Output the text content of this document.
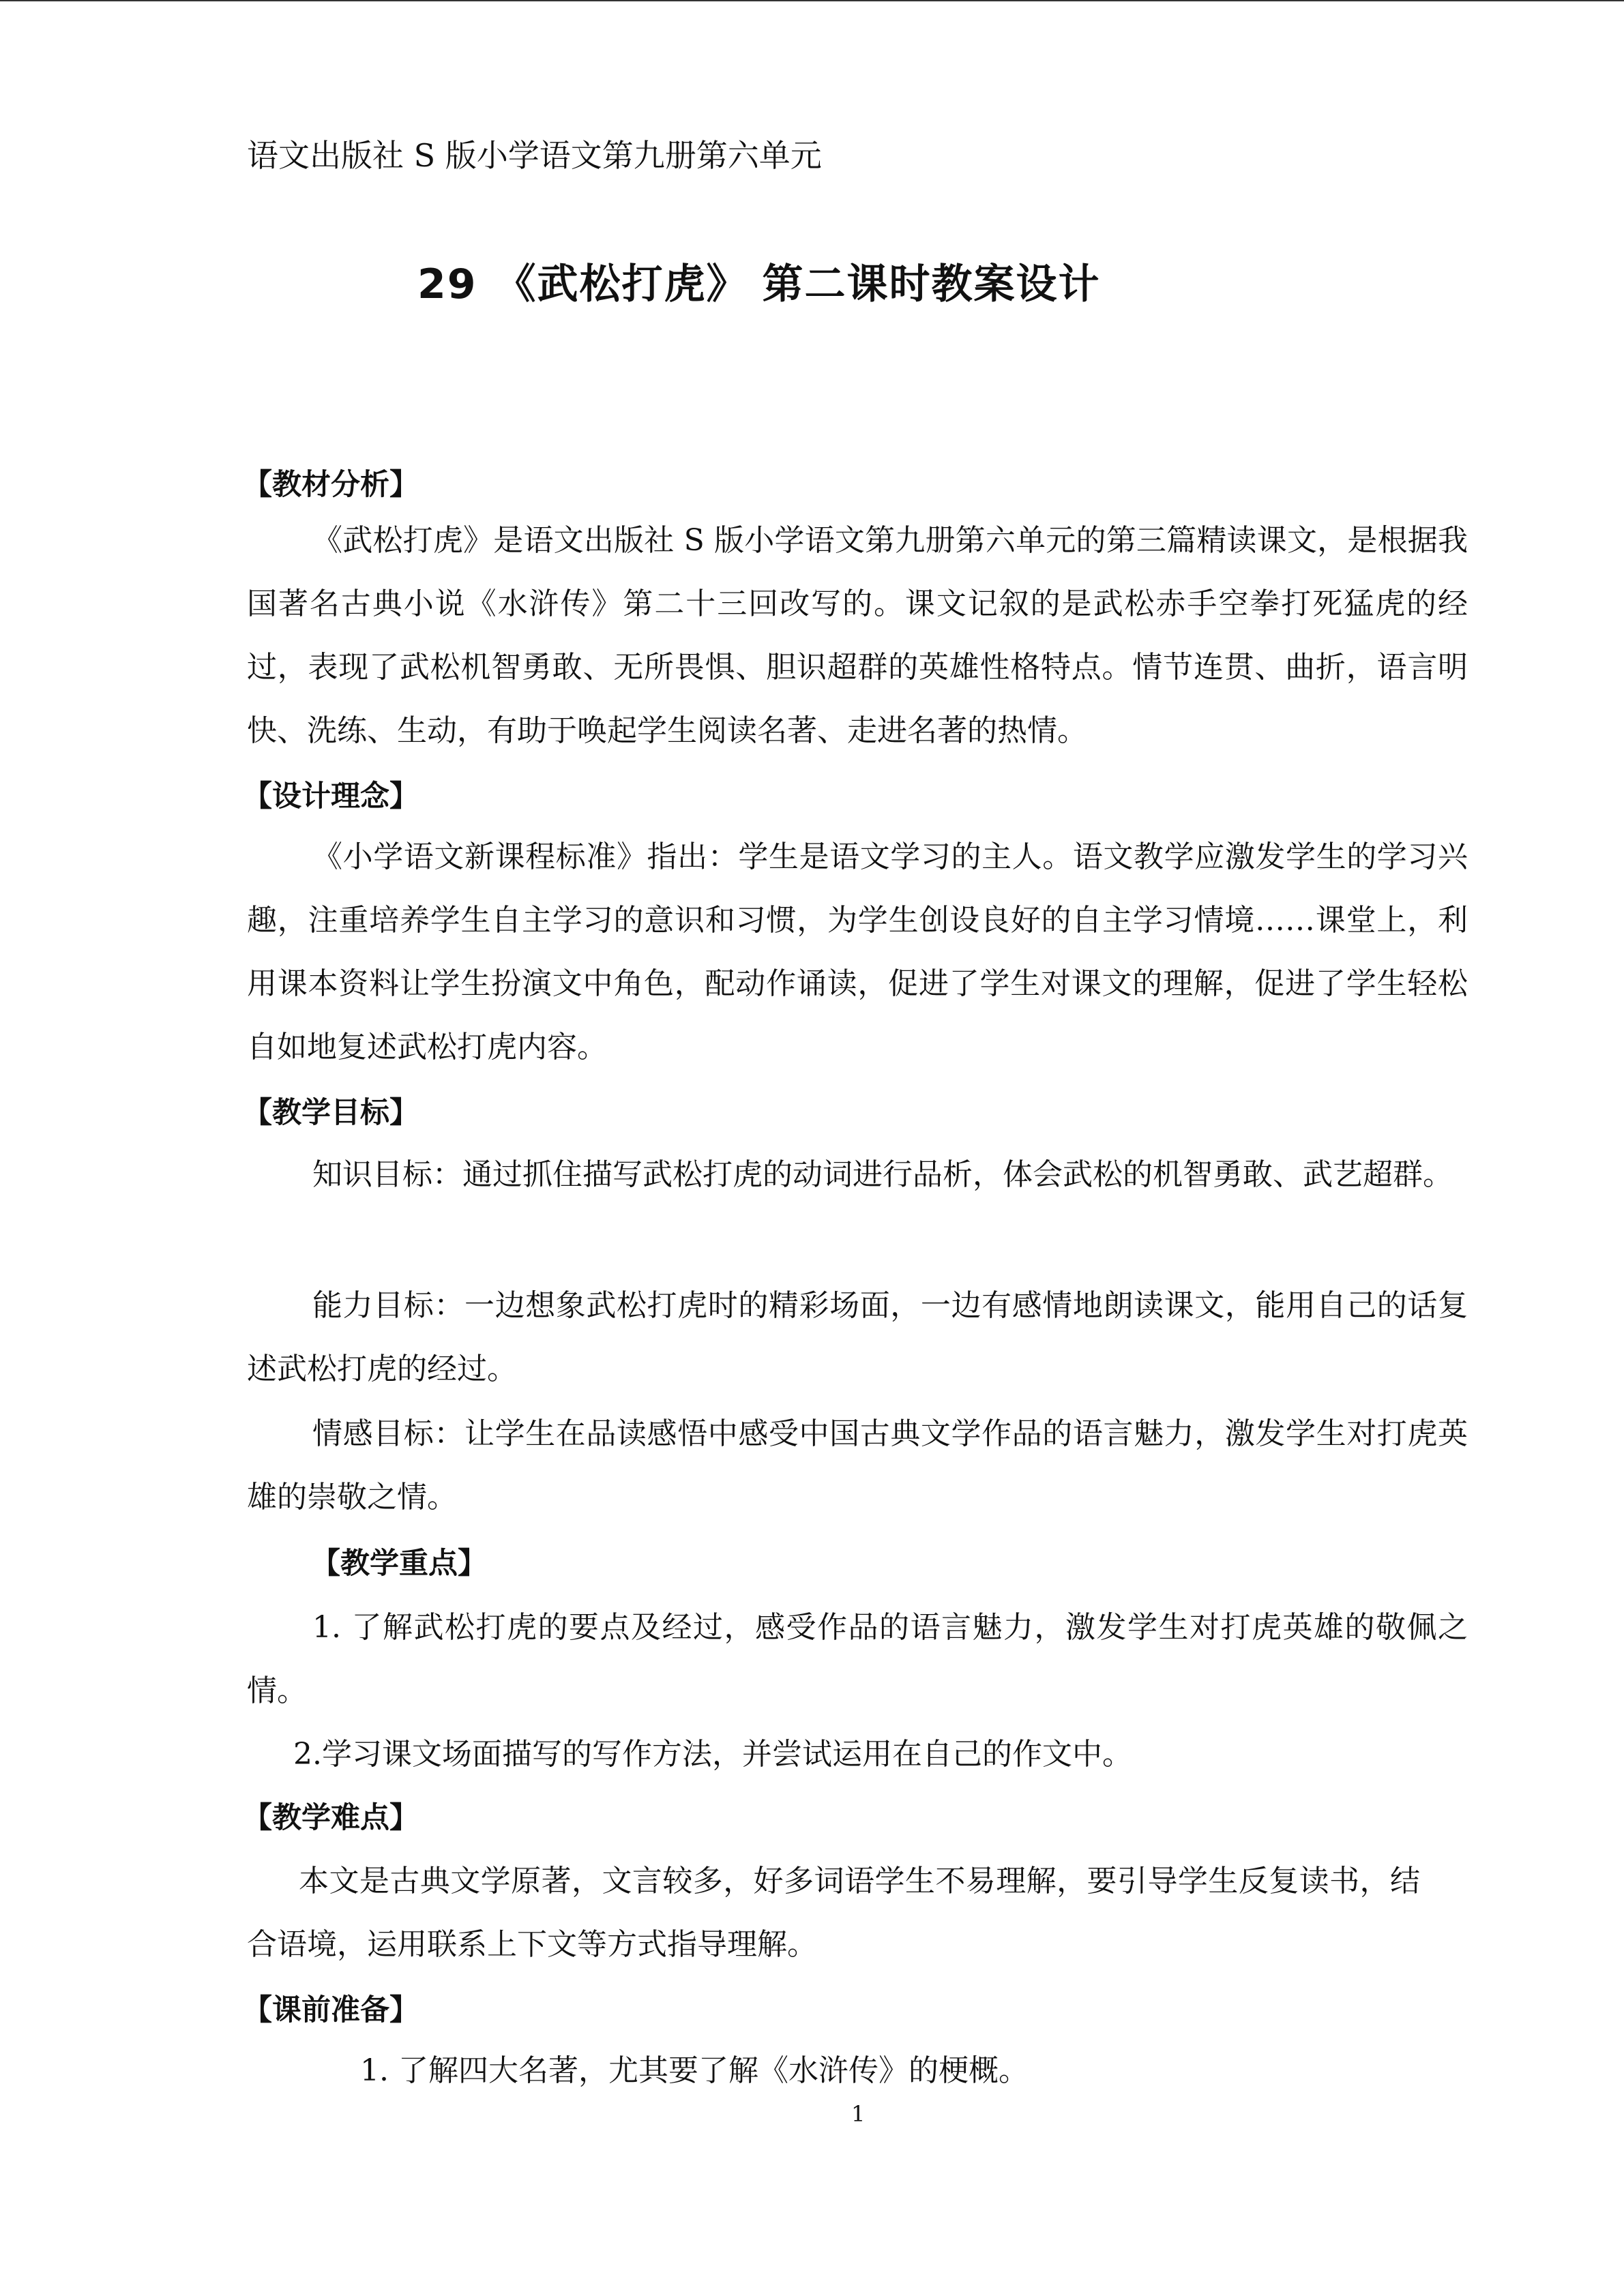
语文出版社 S 版小学语文第九册第六单元

29 《武松打虎》 第二课时教案设计
【教材分析】

《武松打虎》是语文出版社 S 版小学语文第九册第六单元的第三篇精读课文，是根据我国著名古典小说《水浒传》第二十三回改写的。课文记叙的是武松赤手空拳打死猛虎的经过，表现了武松机智勇敢、无所畏惧、胆识超群的英雄性格特点。情节连贯、曲折，语言明快、洗练、生动，有助于唤起学生阅读名著、走进名著的热情。

【设计理念】

《小学语文新课程标准》指出：学生是语文学习的主人。语文教学应激发学生的学习兴趣，注重培养学生自主学习的意识和习惯，为学生创设良好的自主学习情境……课堂上，利用课本资料让学生扮演文中角色，配动作诵读，促进了学生对课文的理解，促进了学生轻松自如地复述武松打虎内容。

【教学目标】

知识目标：通过抓住描写武松打虎的动词进行品析，体会武松的机智勇敢、武艺超群。

能力目标：一边想象武松打虎时的精彩场面，一边有感情地朗读课文，能用自己的话复述武松打虎的经过。

情感目标：让学生在品读感悟中感受中国古典文学作品的语言魅力，激发学生对打虎英雄的崇敬之情。

【教学重点】

1. 了解武松打虎的要点及经过，感受作品的语言魅力，激发学生对打虎英雄的敬佩之情。

2.学习课文场面描写的写作方法，并尝试运用在自己的作文中。

【教学难点】

本文是古典文学原著，文言较多，好多词语学生不易理解，要引导学生反复读书，结合语境，运用联系上下文等方式指导理解。

【课前准备】

1. 了解四大名著，尤其要了解《水浒传》的梗概。

1
